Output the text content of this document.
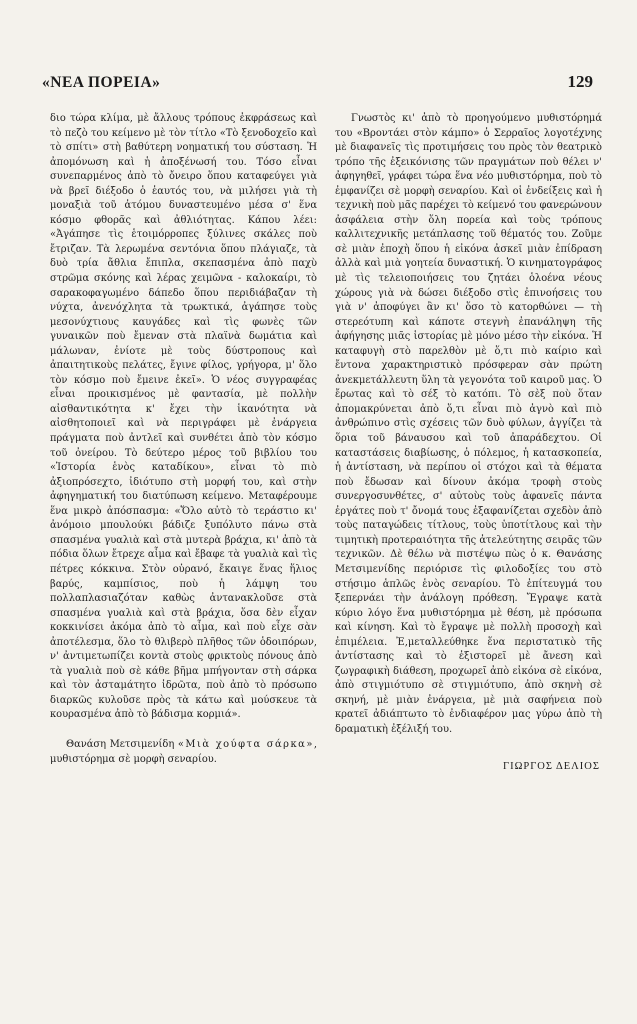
«ΝΕΑ ΠΟΡΕΙΑ»	129

διο τώρα κλίμα, μὲ ἄλλους τρόπους ἐκφράσεως καὶ τὸ πεζὸ του κείμενο μὲ τὸν τίτλο «Τὸ ξενοδοχεῖο καὶ τὸ σπίτι» στὴ βαθύτερη νοηματική του σύσταση. Ἡ ἀπομόνωση καὶ ἡ ἀποξένωσή του. Τόσο εἶναι συνεπαρμένος ἀπὸ τὸ ὄνειρο ὅπου καταφεύγει γιὰ νὰ βρεῖ διέξοδο ὁ ἑαυτός του, νὰ μιλήσει γιὰ τὴ μοναξιὰ τοῦ ἀτόμου δυναστευμένο μέσα σ' ἕνα κόσμο φθορᾶς καὶ ἀθλιότητας. Κάπου λέει: «Ἀγάπησε τὶς ἑτοιμόρροπες ξύλινες σκάλες ποὺ ἔτριζαν. Τὰ λερωμένα σεντόνια ὅπου πλάγιαζε, τὰ δυὸ τρία ἄθλια ἔπιπλα, σκεπασμένα ἀπὸ παχὺ στρῶμα σκόνης καὶ λέρας χειμῶνα - καλοκαίρι, τὸ σαρακοφαγωμένο δάπεδο ὅπου περιδιάβαζαν τὴ νύχτα, ἀνενόχλητα τὰ τρωκτικά, ἀγάπησε τοὺς μεσονύχτιους καυγάδες καὶ τὶς φωνὲς τῶν γυναικῶν ποὺ ἔμεναν στὰ πλαϊνὰ δωμάτια καὶ μάλωναν, ἐνίοτε μὲ τοὺς δύστροπους καὶ ἀπαιτητικοὺς πελάτες, ἔγινε φίλος, γρήγορα, μ' ὅλο τὸν κόσμο ποὺ ἔμεινε ἐκεῖ». Ὁ νέος συγγραφέας εἶναι προικισμένος μὲ φαντασία, μὲ πολλὴν αἰσθαντικότητα κ' ἔχει τὴν ἱκανότητα νὰ αἰσθητοποιεῖ καὶ νὰ περιγράφει μὲ ἐνάργεια πράγματα ποὺ ἀντλεῖ καὶ συνθέτει ἀπὸ τὸν κόσμο τοῦ ὀνείρου. Τὸ δεύτερο μέρος τοῦ βιβλίου του «Ἱστορία ἑνὸς καταδίκου», εἶναι τὸ πιὸ ἀξιοπρόσεχτο, ἰδιότυπο στὴ μορφή του, καὶ στὴν ἀφηγηματική του διατύπωση κείμενο. Μεταφέρουμε ἕνα μικρὸ ἀπόσπασμα: «Ὅλο αὐτὸ τὸ τεράστιο κι' ἀνόμοιο μπουλούκι βάδιζε ξυπόλυτο πάνω στὰ σπασμένα γυαλιὰ καὶ στὰ μυτερὰ βράχια, κι' ἀπὸ τὰ πόδια ὅλων ἔτρεχε αἷμα καὶ ἔβαφε τὰ γυαλιὰ καὶ τὶς πέτρες κόκκινα. Στὸν οὐρανό, ἔκαιγε ἕνας ἥλιος βαρύς, καμπίσιος, ποὺ ἡ λάμψη του πολλαπλασιαζόταν καθὼς ἀντανακλοῦσε στὰ σπασμένα γυαλιὰ καὶ στὰ βράχια, ὅσα δὲν εἶχαν κοκκινίσει ἀκόμα ἀπὸ τὸ αἷμα, καὶ ποὺ εἶχε σὰν ἀποτέλεσμα, ὅλο τὸ θλιβερὸ πλῆθος τῶν ὁδοιπόρων, ν' ἀντιμετωπίζει κοντὰ στοὺς φρικτοὺς πόνους ἀπὸ τὰ γυαλιὰ ποὺ σὲ κάθε βῆμα μπήγονταν στὴ σάρκα καὶ τὸν ἀσταμάτητο ἱδρῶτα, ποὺ ἀπὸ τὸ πρόσωπο διαρκῶς κυλοῦσε πρὸς τὰ κάτω καὶ μούσκευε τὰ κουρασμένα ἀπὸ τὸ βάδισμα κορμιά».

Θανάση Μετσιμενίδη «Μιὰ χούφτα σάρκα», μυθιστόρημα σὲ μορφὴ σεναρίου.

Γνωστὸς κι' ἀπὸ τὸ προηγούμενο μυθιστόρημά του «Βροντάει στὸν κάμπο» ὁ Σερραῖος λογοτέχνης μὲ διαφανεῖς τὶς προτιμήσεις του πρὸς τὸν θεατρικὸ τρόπο τῆς ἐξεικόνισης τῶν πραγμάτων ποὺ θέλει ν' ἀφηγηθεῖ, γράφει τώρα ἕνα νέο μυθιστόρημα, ποὺ τὸ ἐμφανίζει σὲ μορφὴ σεναρίου. Καὶ οἱ ἐνδείξεις καὶ ἡ τεχνικὴ ποὺ μᾶς παρέχει τὸ κείμενό του φανερώνουν ἀσφάλεια στὴν ὅλη πορεία καὶ τοὺς τρόπους καλλιτεχνικῆς μετάπλασης τοῦ θέματός του. Ζοῦμε σὲ μιὰν ἐποχὴ ὅπου ἡ εἰκόνα ἀσκεῖ μιὰν ἐπίδραση ἀλλὰ καὶ μιὰ γοητεία δυναστική. Ὁ κινηματογράφος μὲ τὶς τελειοποιήσεις του ζητάει ὁλοένα νέους χώρους γιὰ νὰ δώσει διέξοδο στὶς ἐπινοήσεις του γιὰ ν' ἀποφύγει ἂν κι' ὅσο τὸ κατορθώνει — τὴ στερεότυπη καὶ κάποτε στεγνὴ ἐπανάληψη τῆς ἀφήγησης μιᾶς ἱστορίας μὲ μόνο μέσο τὴν εἰκόνα. Ἡ καταφυγὴ στὸ παρελθὸν μὲ ὅ,τι πιὸ καίριο καὶ ἔντονα χαρακτηριστικὸ πρόσφεραν σὰν πρώτη ἀνεκμετάλλευτη ὕλη τὰ γεγονότα τοῦ καιροῦ μας. Ὁ ἔρωτας καὶ τὸ σέξ τὸ κατόπι. Τὸ σὲξ ποὺ ὅταν ἀπομακρύνεται ἀπὸ ὅ,τι εἶναι πιὸ ἁγνὸ καὶ πιὸ ἀνθρώπινο στὶς σχέσεις τῶν δυὸ φύλων, ἀγγίζει τὰ ὅρια τοῦ βάναυσου καὶ τοῦ ἀπαράδεχτου. Οἱ καταστάσεις διαβίωσης, ὁ πόλεμος, ἡ κατασκοπεία, ἡ ἀντίσταση, νὰ περίπου οἱ στόχοι καὶ τὰ θέματα ποὺ ἔδωσαν καὶ δίνουν ἀκόμα τροφὴ στοὺς συνεργοσυνθέτες, σ' αὐτοὺς τοὺς ἀφανεῖς πάντα ἐργάτες ποὺ τ' ὄνομά τους ἐξαφανίζεται σχεδὸν ἀπὸ τοὺς παταγώδεις τίτλους, τοὺς ὑποτίτλους καὶ τὴν τιμητικὴ προτεραιότητα τῆς ἀτελεύτητης σειρᾶς τῶν τεχνικῶν. Δὲ θέλω νὰ πιστέψω πὼς ὁ κ. Θανάσης Μετσιμενίδης περιόρισε τὶς φιλοδοξίες του στὸ στήσιμο ἁπλῶς ἑνὸς σεναρίου. Τὸ ἐπίτευγμά του ξεπερνάει τὴν ἀνάλογη πρόθεση. Ἔγραψε κατὰ κύριο λόγο ἕνα μυθιστόρημα μὲ θέση, μὲ πρόσωπα καὶ κίνηση. Καὶ τὸ ἔγραψε μὲ πολλὴ προσοχὴ καὶ ἐπιμέλεια. Ἐ,μεταλλεύθηκε ἕνα περιστατικὸ τῆς ἀντίστασης καὶ τὸ ἐξιστορεῖ μὲ ἄνεση καὶ ζωγραφικὴ διάθεση, προχωρεῖ ἀπὸ εἰκόνα σὲ εἰκόνα, ἀπὸ στιγμιότυπο σὲ στιγμιότυπο, ἀπὸ σκηνὴ σὲ σκηνή, μὲ μιὰν ἐνάργεια, μὲ μιὰ σαφήνεια ποὺ κρατεῖ ἀδιάπτωτο τὸ ἐνδιαφέρον μας γύρω ἀπὸ τὴ δραματικὴ ἐξέλιξή του.

ΓΙΩΡΓΟΣ ΔΕΛΙΟΣ
